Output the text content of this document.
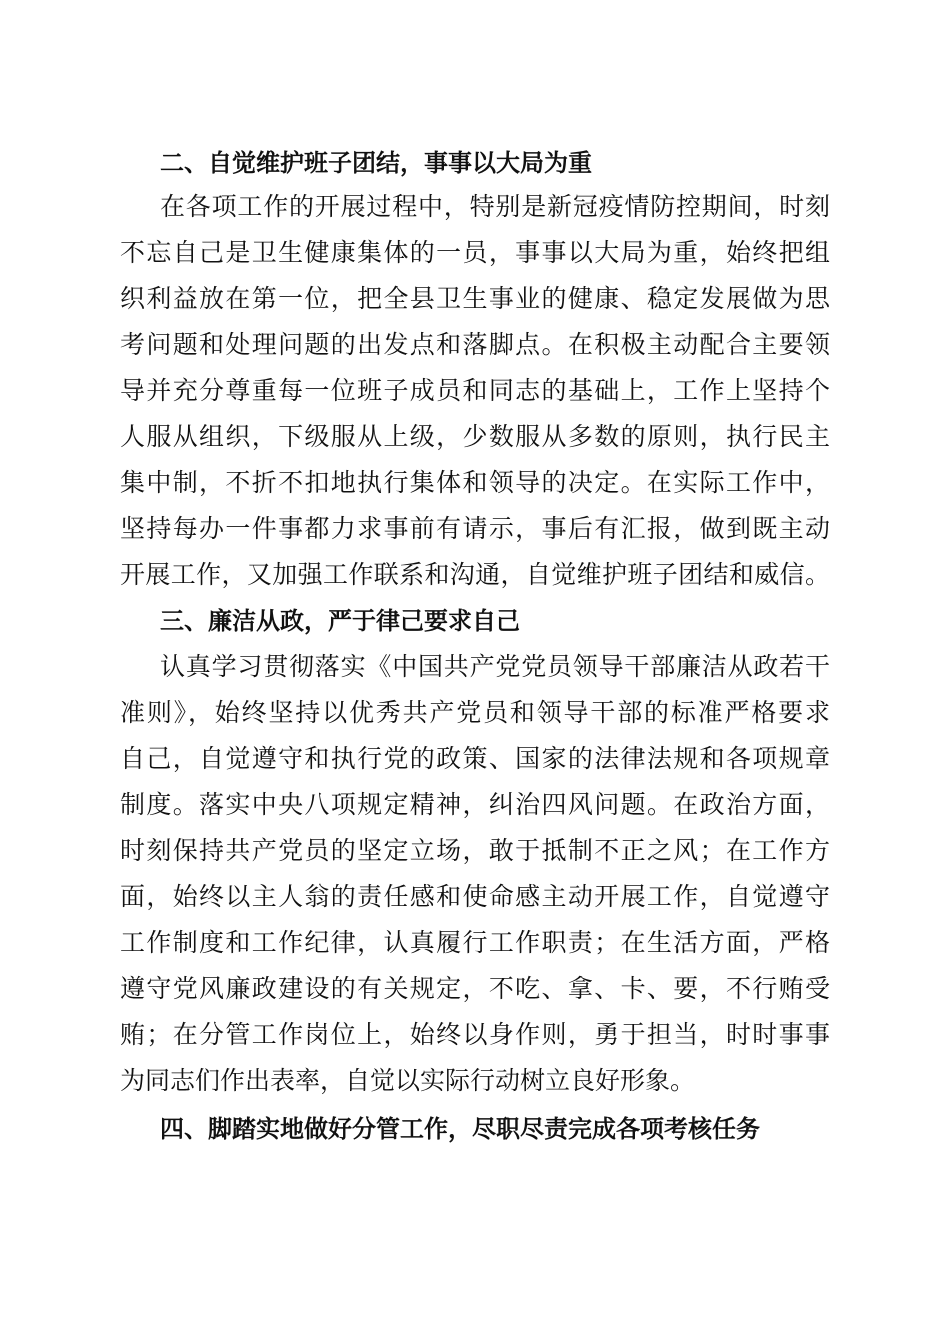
二、自觉维护班子团结，事事以大局为重
在各项工作的开展过程中，特别是新冠疫情防控期间，时刻
不忘自己是卫生健康集体的一员，事事以大局为重，始终把组
织利益放在第一位，把全县卫生事业的健康、稳定发展做为思
考问题和处理问题的出发点和落脚点。在积极主动配合主要领
导并充分尊重每一位班子成员和同志的基础上，工作上坚持个
人服从组织，下级服从上级，少数服从多数的原则，执行民主
集中制，不折不扣地执行集体和领导的决定。在实际工作中，
坚持每办一件事都力求事前有请示，事后有汇报，做到既主动
开展工作，又加强工作联系和沟通，自觉维护班子团结和威信。
三、廉洁从政，严于律己要求自己
认真学习贯彻落实《中国共产党党员领导干部廉洁从政若干
准则》，始终坚持以优秀共产党员和领导干部的标准严格要求
自己，自觉遵守和执行党的政策、国家的法律法规和各项规章
制度。落实中央八项规定精神，纠治四风问题。在政治方面，
时刻保持共产党员的坚定立场，敢于抵制不正之风；在工作方
面，始终以主人翁的责任感和使命感主动开展工作，自觉遵守
工作制度和工作纪律，认真履行工作职责；在生活方面，严格
遵守党风廉政建设的有关规定，不吃、拿、卡、要，不行贿受
贿；在分管工作岗位上，始终以身作则，勇于担当，时时事事
为同志们作出表率，自觉以实际行动树立良好形象。
四、脚踏实地做好分管工作，尽职尽责完成各项考核任务
